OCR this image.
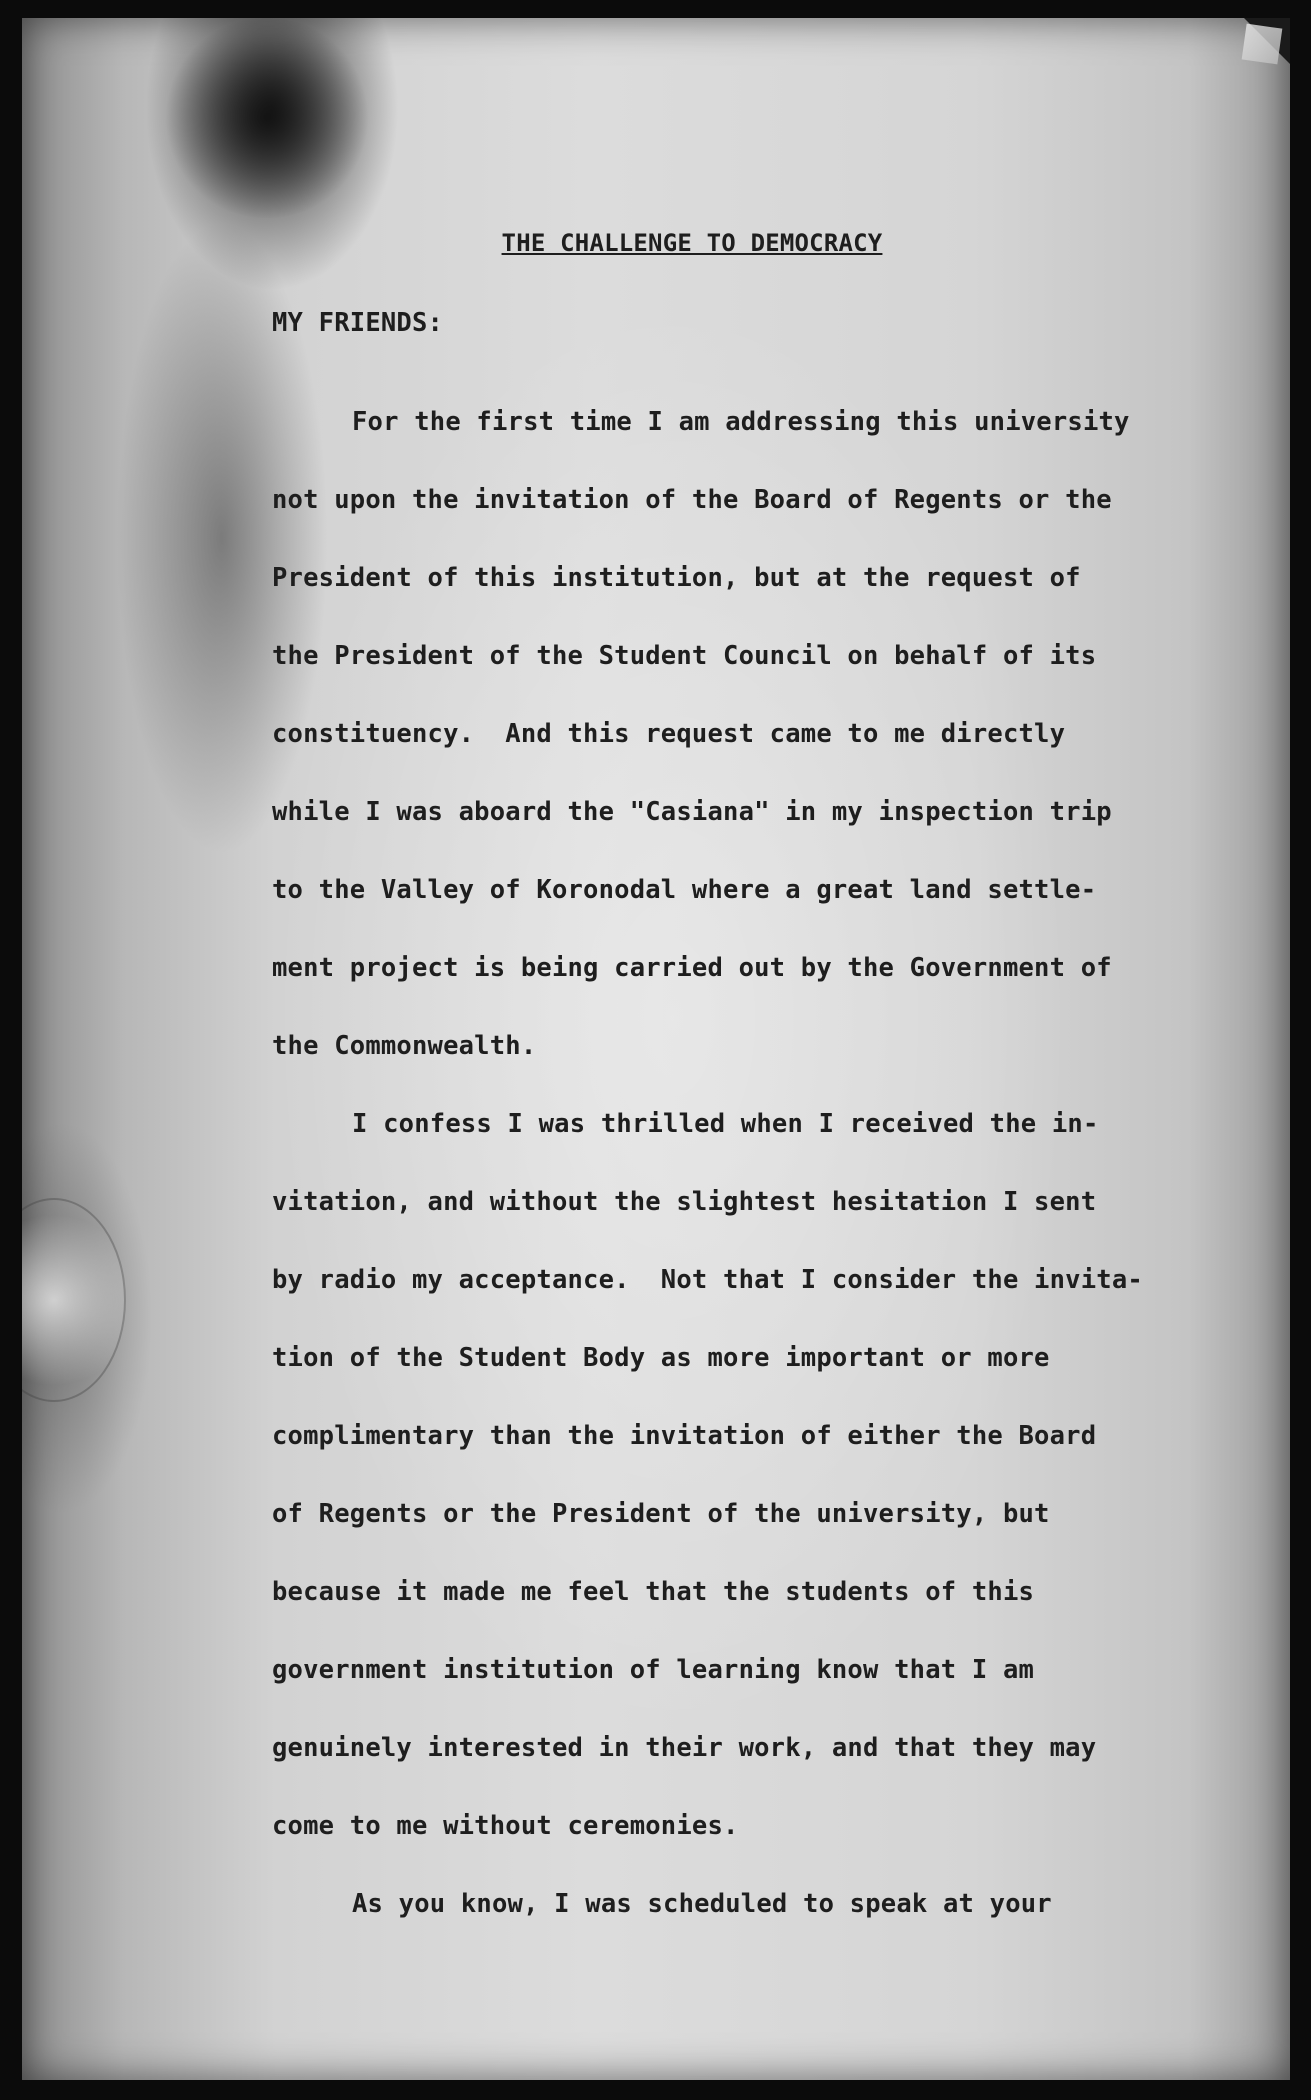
THE CHALLENGE TO DEMOCRACY

MY FRIENDS:

For the first time I am addressing this university
not upon the invitation of the Board of Regents or the
President of this institution, but at the request of
the President of the Student Council on behalf of its
constituency.  And this request came to me directly
while I was aboard the "Casiana" in my inspection trip
to the Valley of Koronodal where a great land settle-
ment project is being carried out by the Government of
the Commonwealth.

I confess I was thrilled when I received the in-
vitation, and without the slightest hesitation I sent
by radio my acceptance.  Not that I consider the invita-
tion of the Student Body as more important or more
complimentary than the invitation of either the Board
of Regents or the President of the university, but
because it made me feel that the students of this
government institution of learning know that I am
genuinely interested in their work, and that they may
come to me without ceremonies.

As you know, I was scheduled to speak at your
